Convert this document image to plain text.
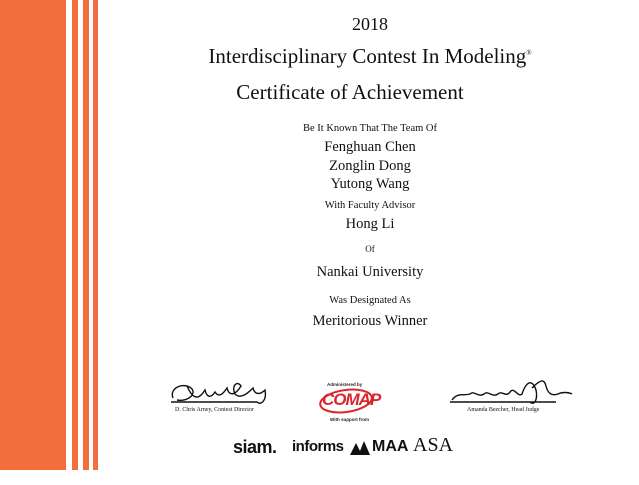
2018
Interdisciplinary Contest In Modeling®
Certificate of Achievement
Be It Known That The Team Of
Fenghuan Chen
Zonglin Dong
Yutong Wang
With Faculty Advisor
Hong Li
Of
Nankai University
Was Designated As
Meritorious Winner
D. Chris Arney, Contest Director
Administered by
COMAP
With support from
Amanda Beecher, Head Judge
siam. informs MAA ASA
